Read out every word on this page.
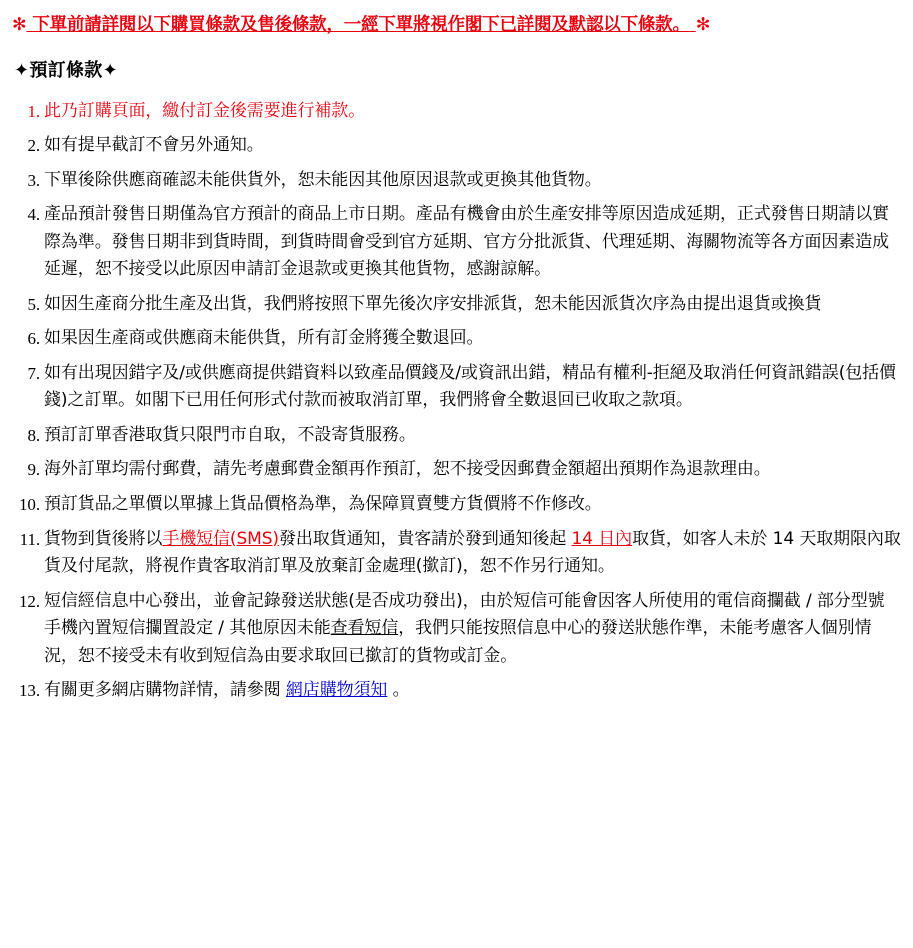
✻ 下單前請詳閱以下購買條款及售後條款，一經下單將視作閣下已詳閱及默認以下條款。 ✻
✦預訂條款✦
此乃訂購頁面，繳付訂金後需要進行補款。
如有提早截訂不會另外通知。
下單後除供應商確認未能供貨外，恕未能因其他原因退款或更換其他貨物。
產品預計發售日期僅為官方預計的商品上市日期。產品有機會由於生產安排等原因造成延期，正式發售日期請以實際為準。發售日期非到貨時間，到貨時間會受到官方延期、官方分批派貨、代理延期、海關物流等各方面因素造成延遲，恕不接受以此原因申請訂金退款或更換其他貨物，感謝諒解。
如因生產商分批生產及出貨，我們將按照下單先後次序安排派貨，恕未能因派貨次序為由提出退貨或換貨
如果因生產商或供應商未能供貨，所有訂金將獲全數退回。
如有出現因錯字及/或供應商提供錯資料以致產品價錢及/或資訊出錯，精品有權利-拒絕及取消任何資訊錯誤(包括價錢)之訂單。如閣下已用任何形式付款而被取消訂單，我們將會全數退回已收取之款項。
預訂訂單香港取貨只限門市自取，不設寄貨服務。
海外訂單均需付郵費，請先考慮郵費金額再作預訂，恕不接受因郵費金額超出預期作為退款理由。
預訂貨品之單價以單據上貨品價格為準，為保障買賣雙方貨價將不作修改。
貨物到貨後將以手機短信(SMS)發出取貨通知，貴客請於發到通知後起 14 日內取貨，如客人未於 14 天取期限內取貨及付尾款，將視作貴客取消訂單及放棄訂金處理(撳訂)，恕不作另行通知。
短信經信息中心發出，並會記錄發送狀態(是否成功發出)，由於短信可能會因客人所使用的電信商攔截 / 部分型號手機內置短信攔置設定 / 其他原因未能查看短信，我們只能按照信息中心的發送狀態作準，未能考慮客人個別情況，恕不接受未有收到短信為由要求取回已撳訂的貨物或訂金。
有關更多網店購物詳情，請參閱 網店購物須知 。
